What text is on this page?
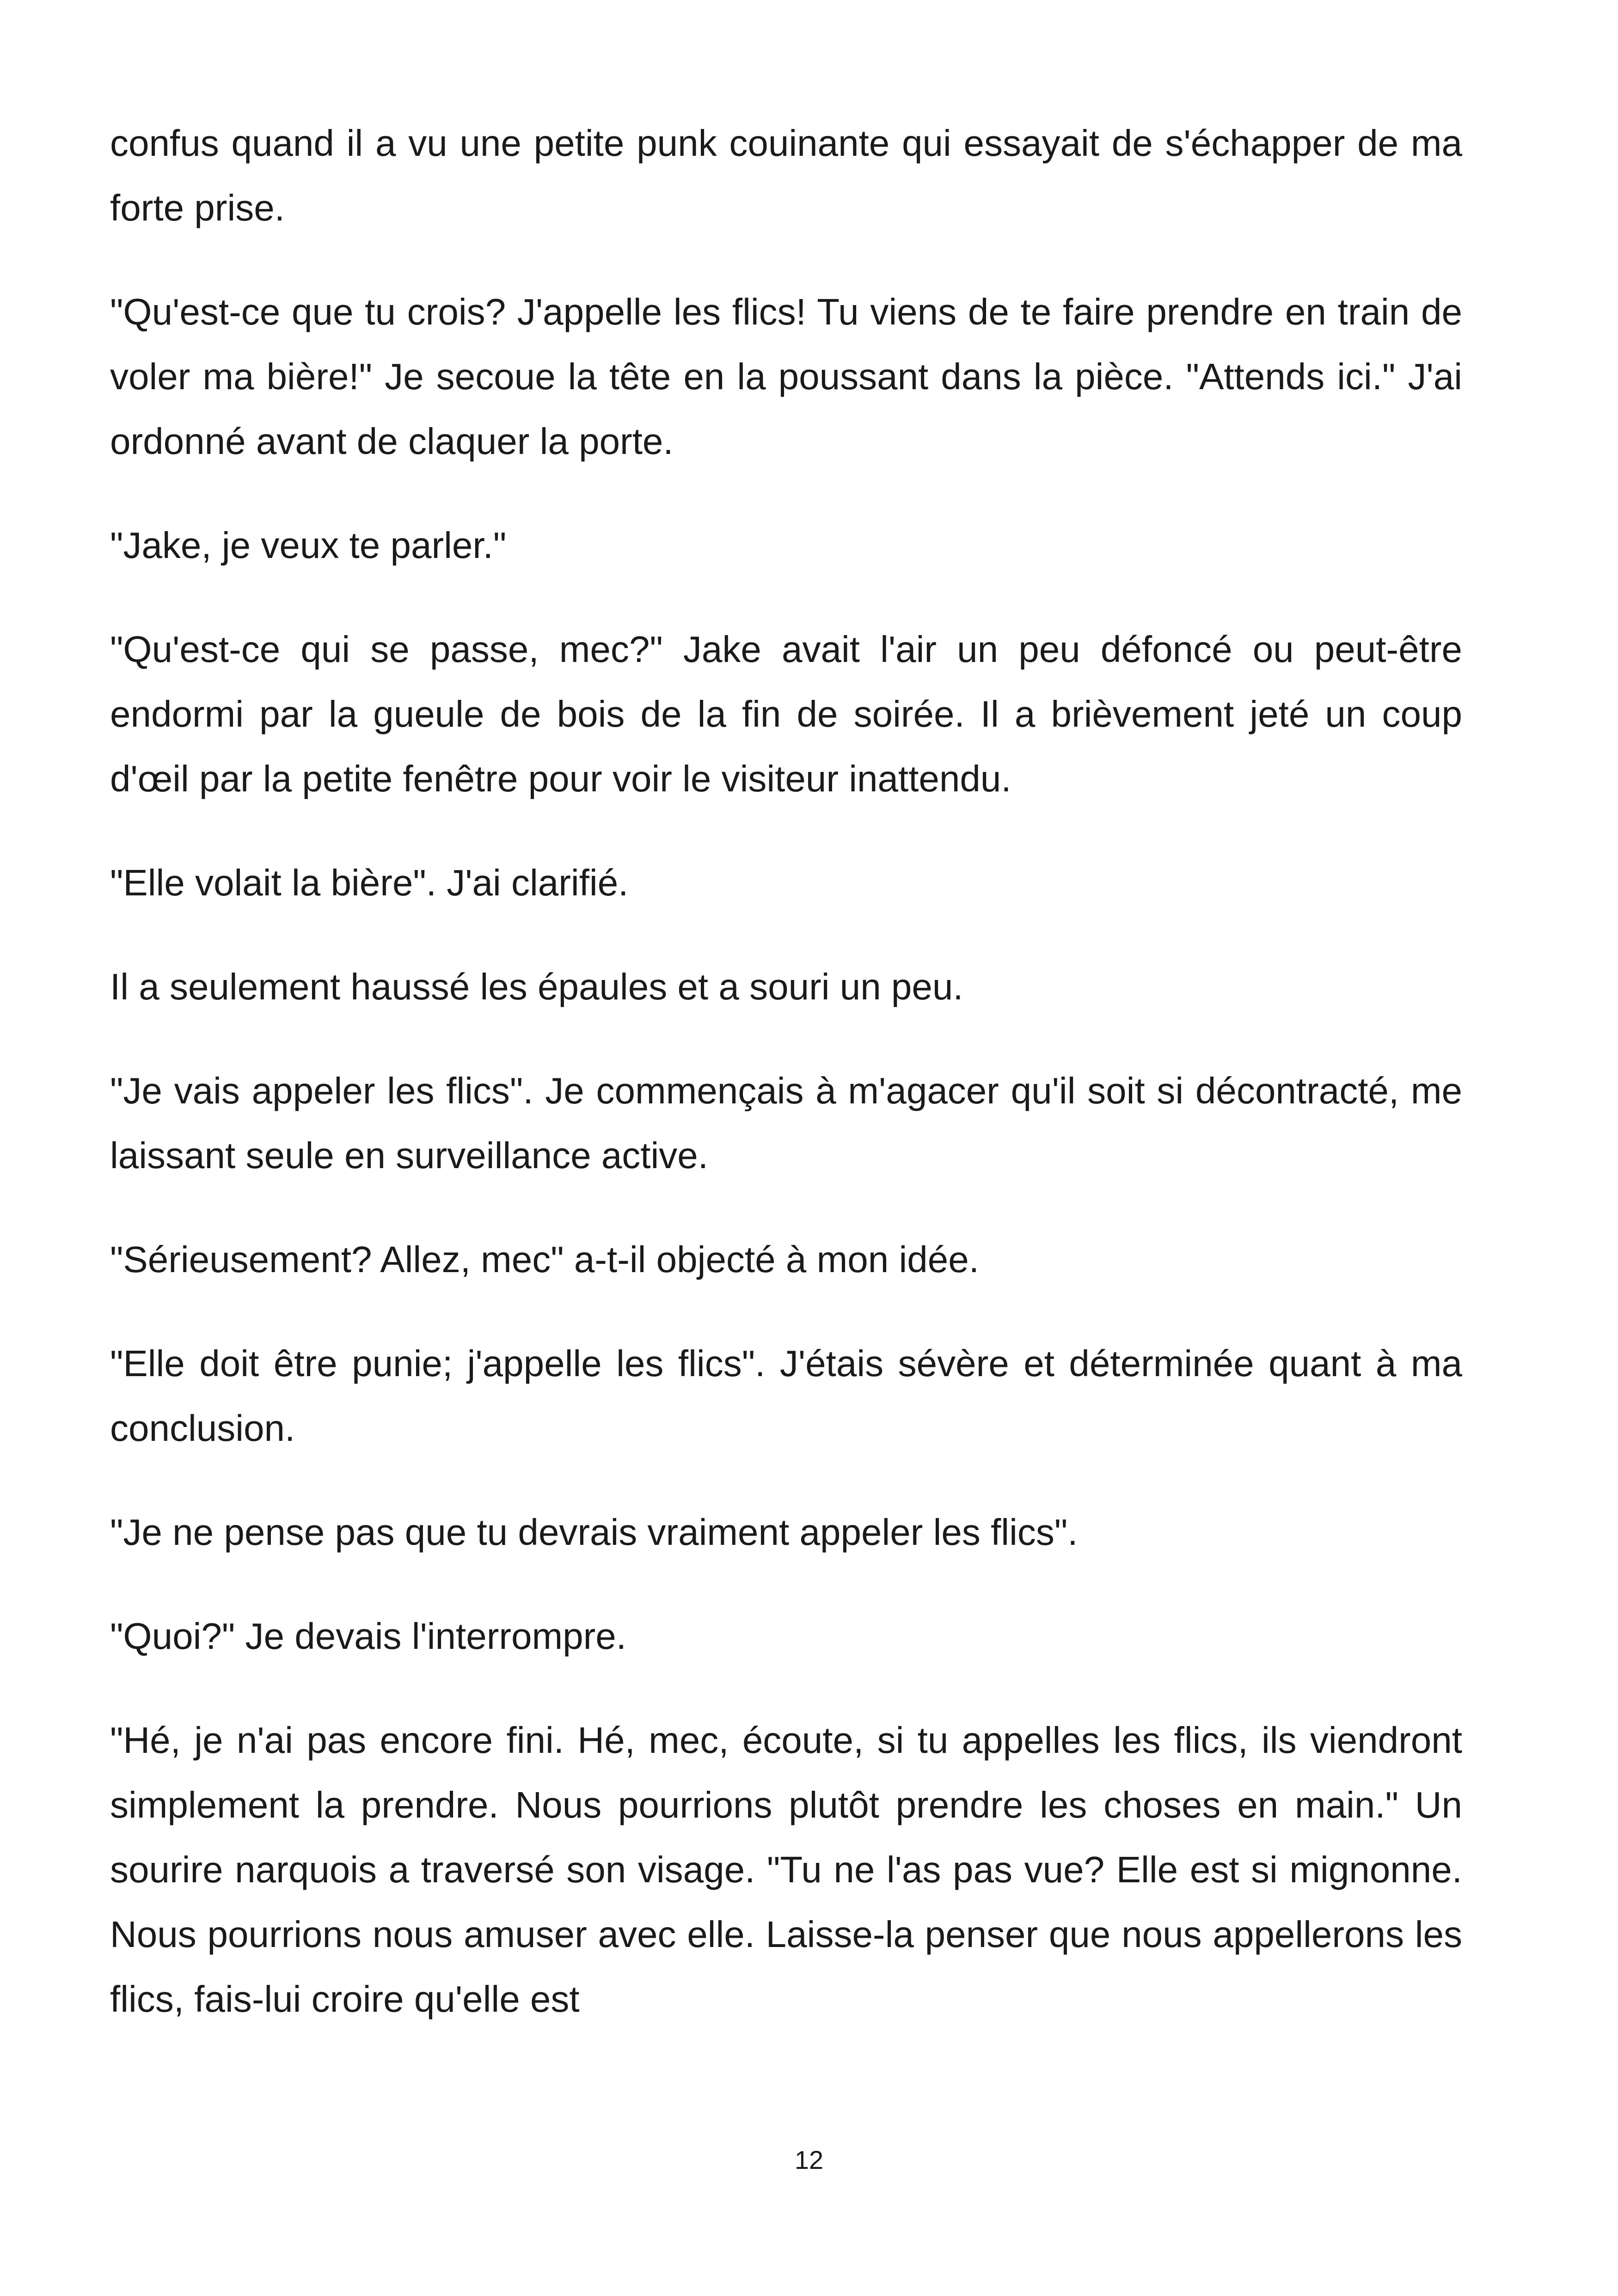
confus quand il a vu une petite punk couinante qui essayait de s'échapper de ma forte prise.

"Qu'est-ce que tu crois? J'appelle les flics! Tu viens de te faire prendre en train de voler ma bière!" Je secoue la tête en la poussant dans la pièce. "Attends ici." J'ai ordonné avant de claquer la porte.

"Jake, je veux te parler."

"Qu'est-ce qui se passe, mec?" Jake avait l'air un peu défoncé ou peut-être endormi par la gueule de bois de la fin de soirée. Il a brièvement jeté un coup d'œil par la petite fenêtre pour voir le visiteur inattendu.

"Elle volait la bière". J'ai clarifié.

Il a seulement haussé les épaules et a souri un peu.

"Je vais appeler les flics". Je commençais à m'agacer qu'il soit si décontracté, me laissant seule en surveillance active.

"Sérieusement? Allez, mec" a-t-il objecté à mon idée.

"Elle doit être punie; j'appelle les flics". J'étais sévère et déterminée quant à ma conclusion.

"Je ne pense pas que tu devrais vraiment appeler les flics".

"Quoi?" Je devais l'interrompre.

"Hé, je n'ai pas encore fini. Hé, mec, écoute, si tu appelles les flics, ils viendront simplement la prendre. Nous pourrions plutôt prendre les choses en main." Un sourire narquois a traversé son visage. "Tu ne l'as pas vue? Elle est si mignonne. Nous pourrions nous amuser avec elle. Laisse-la penser que nous appellerons les flics, fais-lui croire qu'elle est

12
